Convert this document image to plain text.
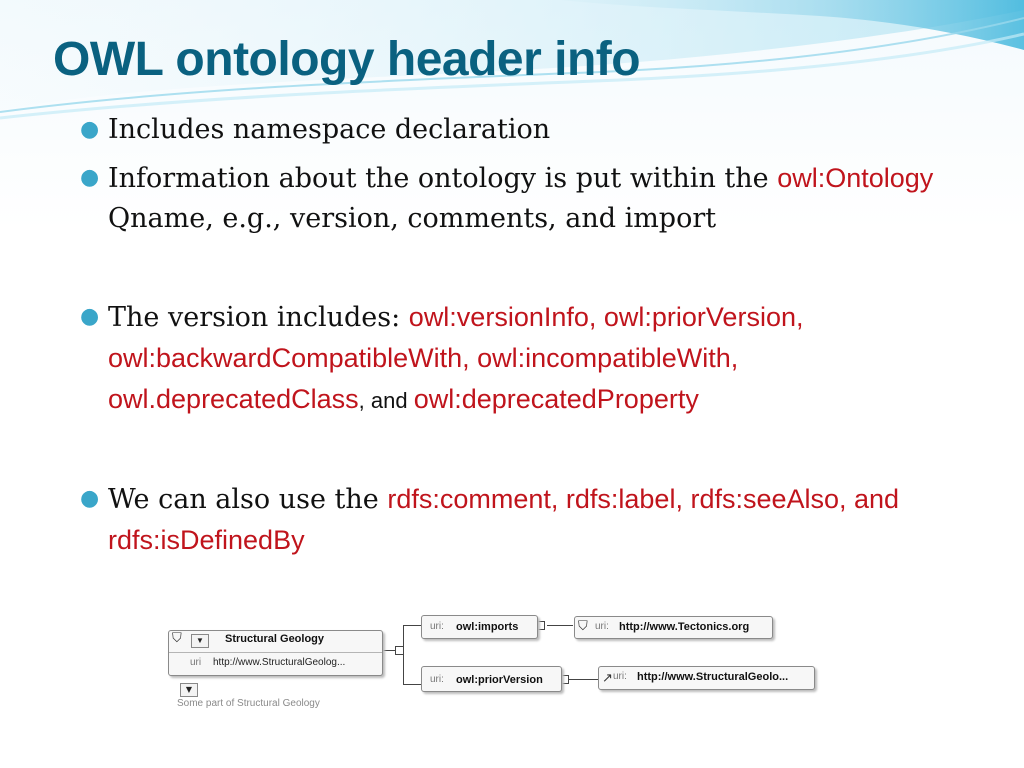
OWL ontology header info
● Includes namespace declaration
● Information about the ontology is put within the owl:Ontology Qname, e.g., version, comments, and import
● The version includes: owl:versionInfo, owl:priorVersion, owl:backwardCompatibleWith, owl:incompatibleWith, owl.deprecatedClass, and owl:deprecatedProperty
● We can also use the rdfs:comment, rdfs:label, rdfs:seeAlso, and rdfs:isDefinedBy
⛉	▼	Structural Geology
uri http://www.StructuralGeolog...
▼
Some part of Structural Geology
uri: owl:imports	⛉ uri: http://www.Tectonics.org
uri: owl:priorVersion	↗ uri: http://www.StructuralGeolo...
